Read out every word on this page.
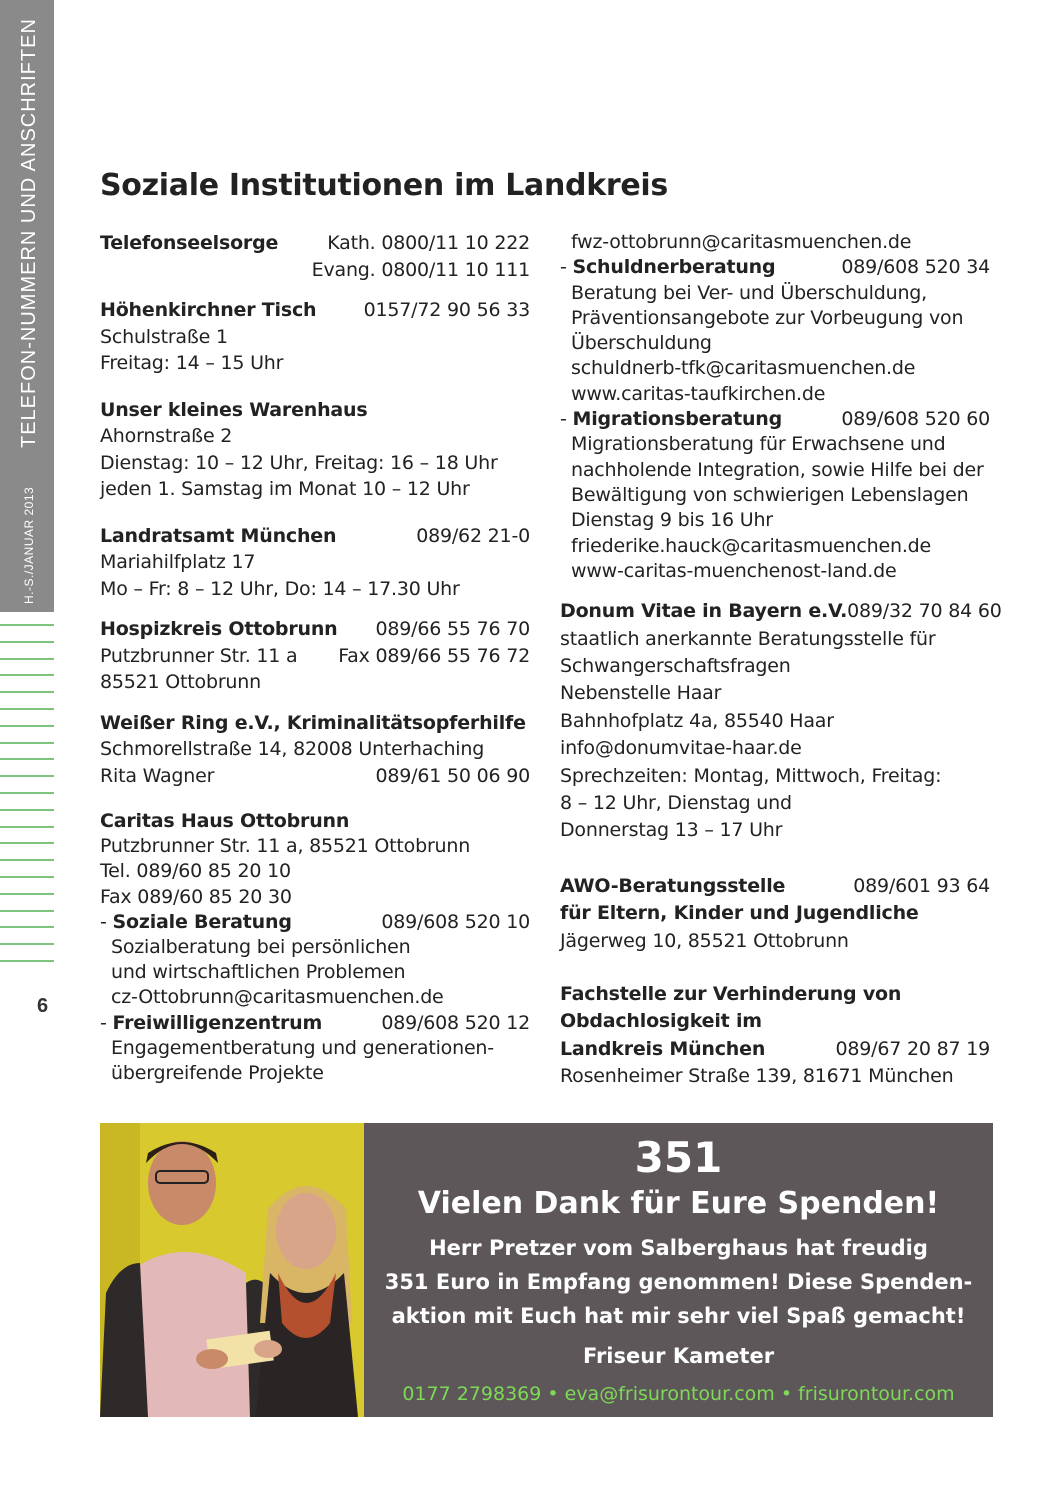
TELEFON-NUMMERN UND ANSCHRIFTEN
H.-S./JANUAR 2013
6
Soziale Institutionen im Landkreis
Telefonseelsorge	Kath. 0800/11 10 222
Evang. 0800/11 10 111
Höhenkirchner Tisch 0157/72 90 56 33
Schulstraße 1
Freitag: 14 – 15 Uhr
Unser kleines Warenhaus
Ahornstraße 2
Dienstag: 10 – 12 Uhr, Freitag: 16 – 18 Uhr
jeden 1. Samstag im Monat 10 – 12 Uhr
Landratsamt München	089/62 21-0
Mariahilfplatz 17
Mo – Fr: 8 – 12 Uhr, Do: 14 – 17.30 Uhr
Hospizkreis Ottobrunn 089/66 55 76 70
Putzbrunner Str. 11 a Fax 089/66 55 76 72
85521 Ottobrunn
Weißer Ring e.V., Kriminalitätsopferhilfe
Schmorellstraße 14, 82008 Unterhaching
Rita Wagner	089/61 50 06 90
Caritas Haus Ottobrunn
Putzbrunner Str. 11 a, 85521 Ottobrunn
Tel. 089/60 85 20 10
Fax 089/60 85 20 30
- Soziale Beratung	089/608 520 10
Sozialberatung bei persönlichen
und wirtschaftlichen Problemen
cz-Ottobrunn@caritasmuenchen.de
- Freiwilligenzentrum	089/608 520 12
Engagementberatung und generationen-
übergreifende Projekte
fwz-ottobrunn@caritasmuenchen.de
- Schuldnerberatung	089/608 520 34
Beratung bei Ver- und Überschuldung,
Präventionsangebote zur Vorbeugung von
Überschuldung
schuldnerb-tfk@caritasmuenchen.de
www.caritas-taufkirchen.de
- Migrationsberatung	089/608 520 60
Migrationsberatung für Erwachsene und
nachholende Integration, sowie Hilfe bei der
Bewältigung von schwierigen Lebenslagen
Dienstag 9 bis 16 Uhr
friederike.hauck@caritasmuenchen.de
www-caritas-muenchenost-land.de
Donum Vitae in Bayern e.V. 089/32 70 84 60
staatlich anerkannte Beratungsstelle für
Schwangerschaftsfragen
Nebenstelle Haar
Bahnhofplatz 4a, 85540 Haar
info@donumvitae-haar.de
Sprechzeiten: Montag, Mittwoch, Freitag:
8 – 12 Uhr, Dienstag und
Donnerstag 13 – 17 Uhr
AWO-Beratungsstelle	089/601 93 64
für Eltern, Kinder und Jugendliche
Jägerweg 10, 85521 Ottobrunn
Fachstelle zur Verhinderung von
Obdachlosigkeit im
Landkreis München	089/67 20 87 19
Rosenheimer Straße 139, 81671 München
351
Vielen Dank für Eure Spenden!
Herr Pretzer vom Salberghaus hat freudig
351 Euro in Empfang genommen! Diese Spenden-
aktion mit Euch hat mir sehr viel Spaß gemacht!
Friseur Kameter
0177 2798369 • eva@frisurontour.com • frisurontour.com
